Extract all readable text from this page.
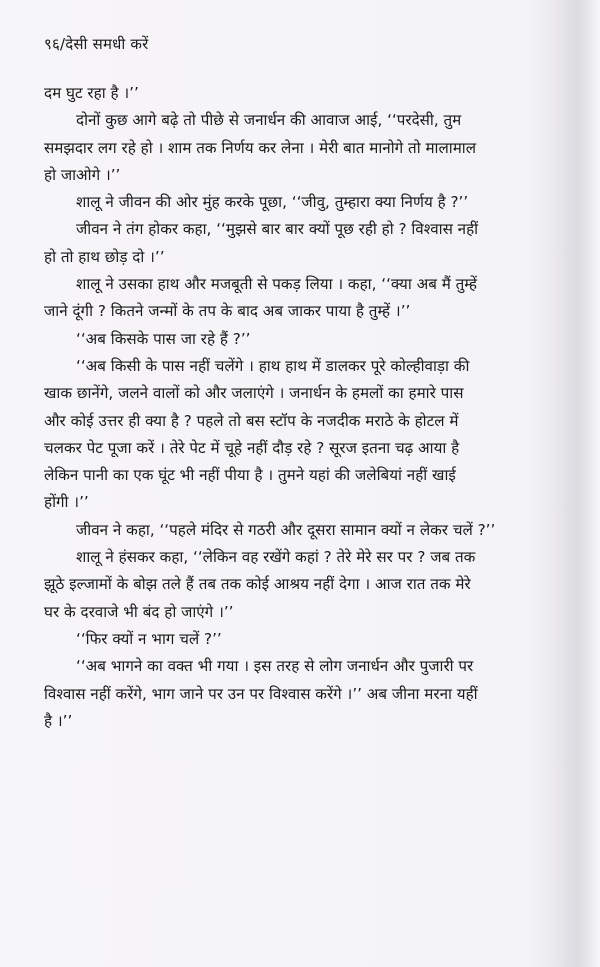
९६/देसी समधी करें
दम घुट रहा है ।’’
दोनों कुछ आगे बढ़े तो पीछे से जनार्धन की आवाज आई, ‘‘परदेसी, तुम
समझदार लग रहे हो । शाम तक निर्णय कर लेना । मेरी बात मानोगे तो मालामाल
हो जाओगे ।’’
शालू ने जीवन की ओर मुंह करके पूछा, ‘‘जीवु, तुम्हारा क्या निर्णय है ?’’
जीवन ने तंग होकर कहा, ‘‘मुझसे बार बार क्यों पूछ रही हो ? विश्वास नहीं
हो तो हाथ छोड़ दो ।’’
शालू ने उसका हाथ और मजबूती से पकड़ लिया । कहा, ‘‘क्या अब मैं तुम्हें
जाने दूंगी ? कितने जन्मों के तप के बाद अब जाकर पाया है तुम्हें ।’’
‘‘अब किसके पास जा रहे हैं ?’’
‘‘अब किसी के पास नहीं चलेंगे । हाथ हाथ में डालकर पूरे कोल्हीवाड़ा की
खाक छानेंगे, जलने वालों को और जलाएंगे । जनार्धन के हमलों का हमारे पास
और कोई उत्तर ही क्या है ? पहले तो बस स्टॉप के नजदीक मराठे के होटल में
चलकर पेट पूजा करें । तेरे पेट में चूहे नहीं दौड़ रहे ? सूरज इतना चढ़ आया है
लेकिन पानी का एक घूंट भी नहीं पीया है । तुमने यहां की जलेबियां नहीं खाई
होंगी ।’’
जीवन ने कहा, ‘‘पहले मंदिर से गठरी और दूसरा सामान क्यों न लेकर चलें ?’’
शालू ने हंसकर कहा, ‘‘लेकिन वह रखेंगे कहां ? तेरे मेरे सर पर ? जब तक
झूठे इल्जामों के बोझ तले हैं तब तक कोई आश्रय नहीं देगा । आज रात तक मेरे
घर के दरवाजे भी बंद हो जाएंगे ।’’
‘‘फिर क्यों न भाग चलें ?’’
‘‘अब भागने का वक्त भी गया । इस तरह से लोग जनार्धन और पुजारी पर
विश्वास नहीं करेंगे, भाग जाने पर उन पर विश्वास करेंगे ।’’ अब जीना मरना यहीं
है ।’’
